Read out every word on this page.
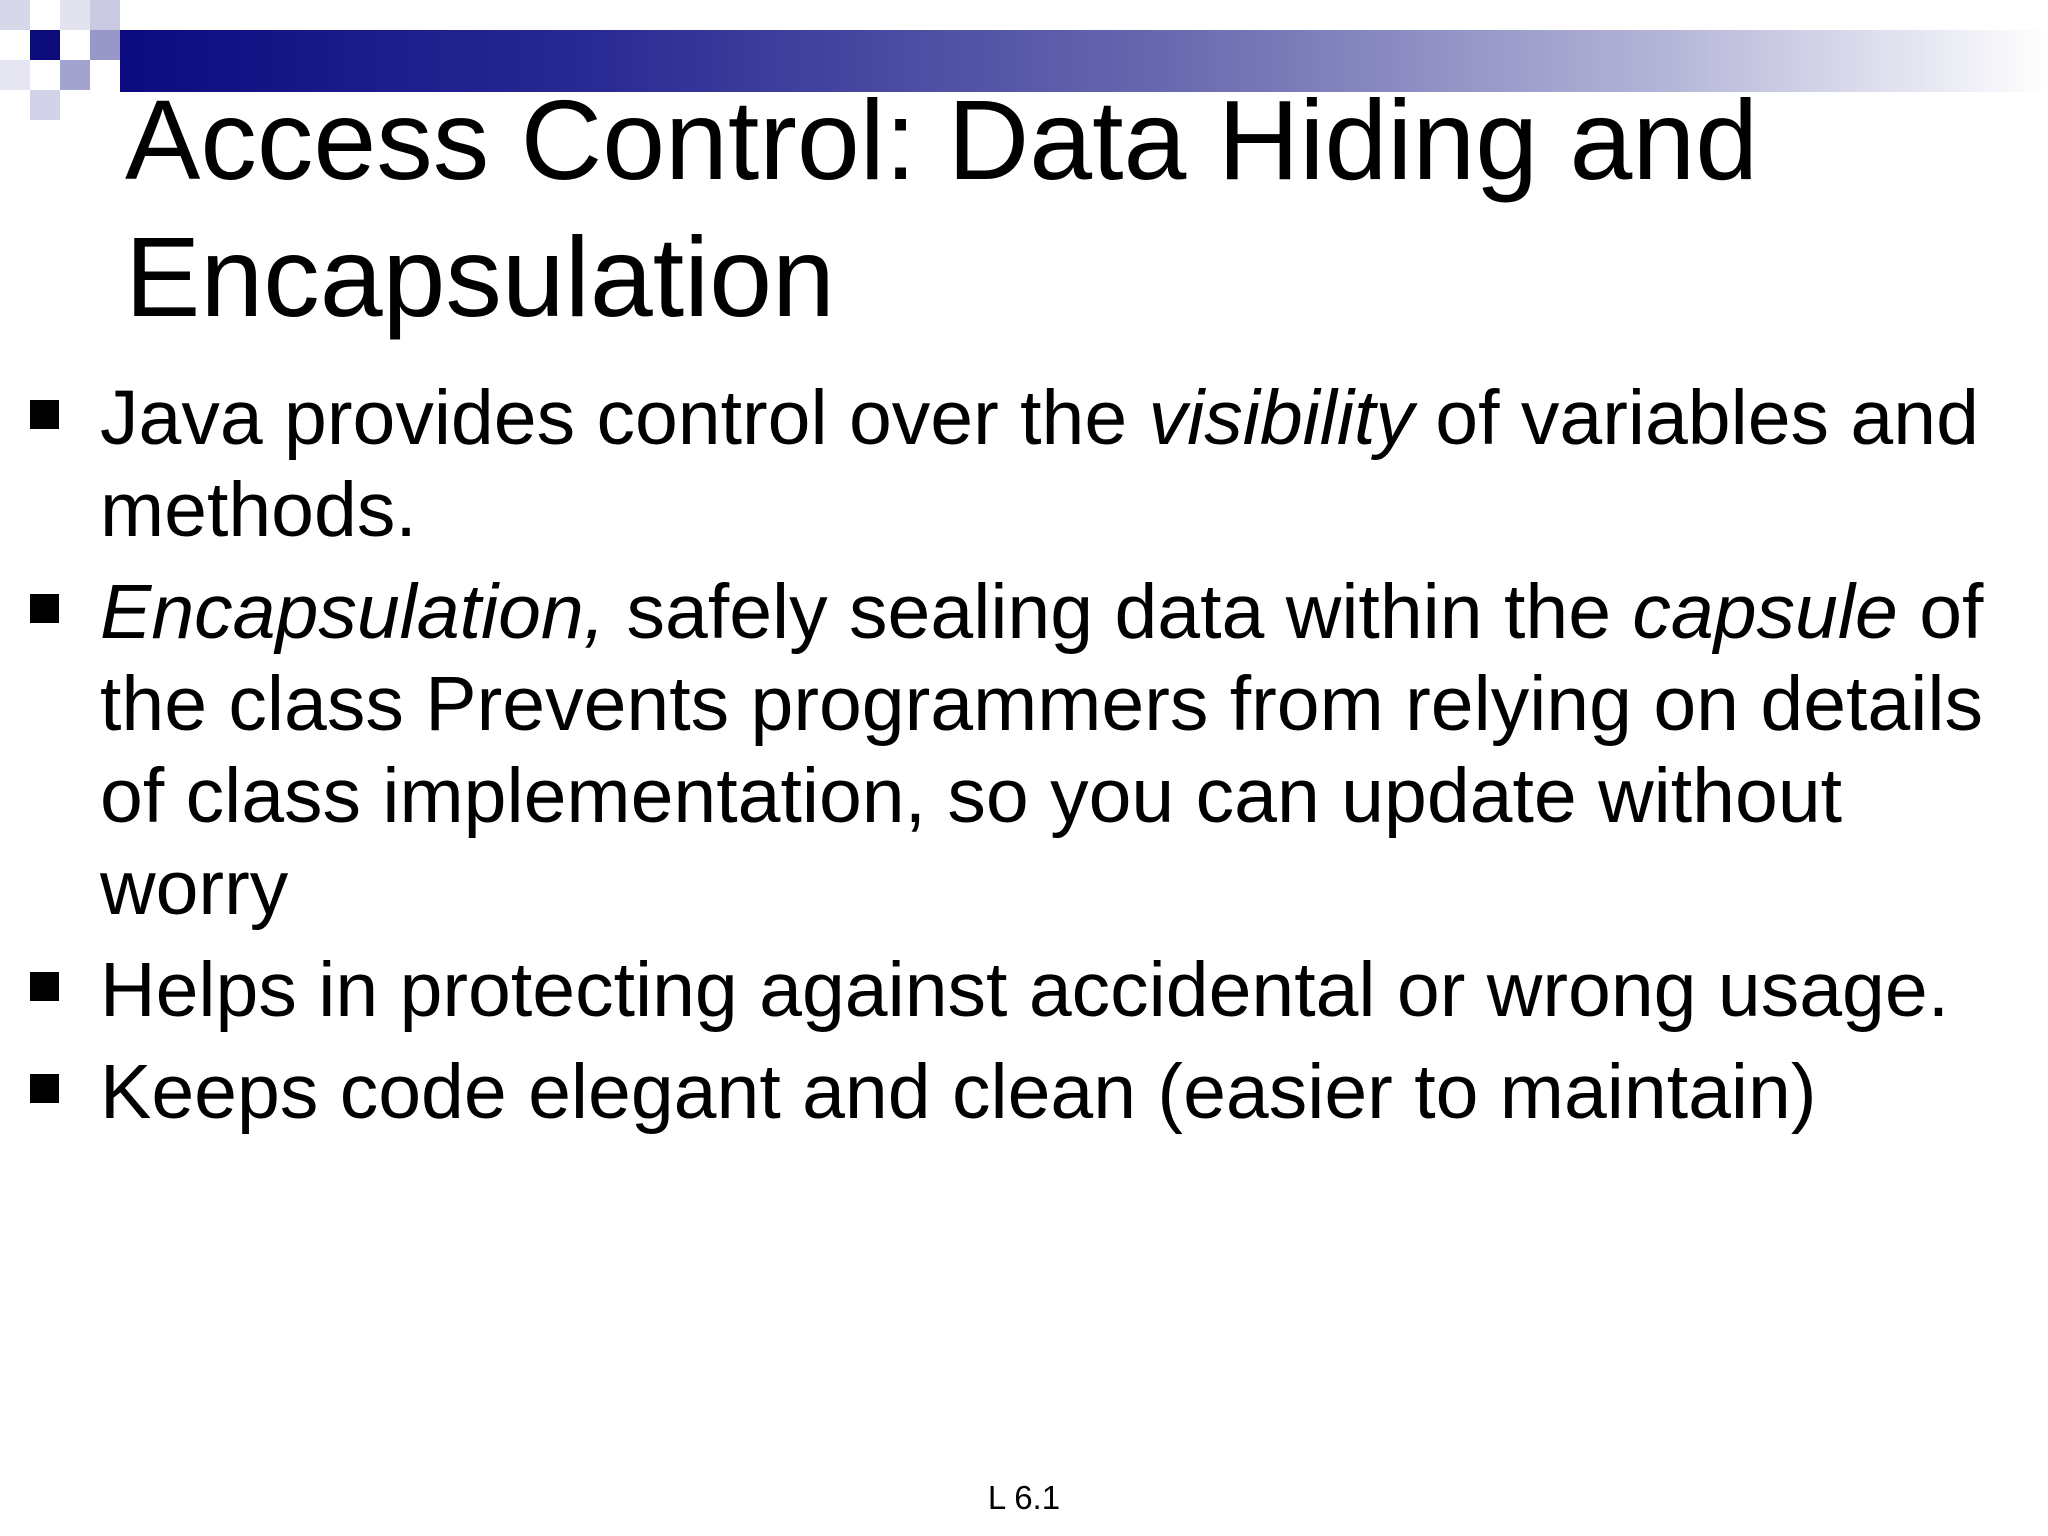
Access Control: Data Hiding and Encapsulation
Java provides control over the visibility of variables and methods.
Encapsulation, safely sealing data within the capsule of the class Prevents programmers from relying on details of class implementation, so you can update without worry
Helps in protecting against accidental or wrong usage.
Keeps code elegant and clean (easier to maintain)
L 6.1
